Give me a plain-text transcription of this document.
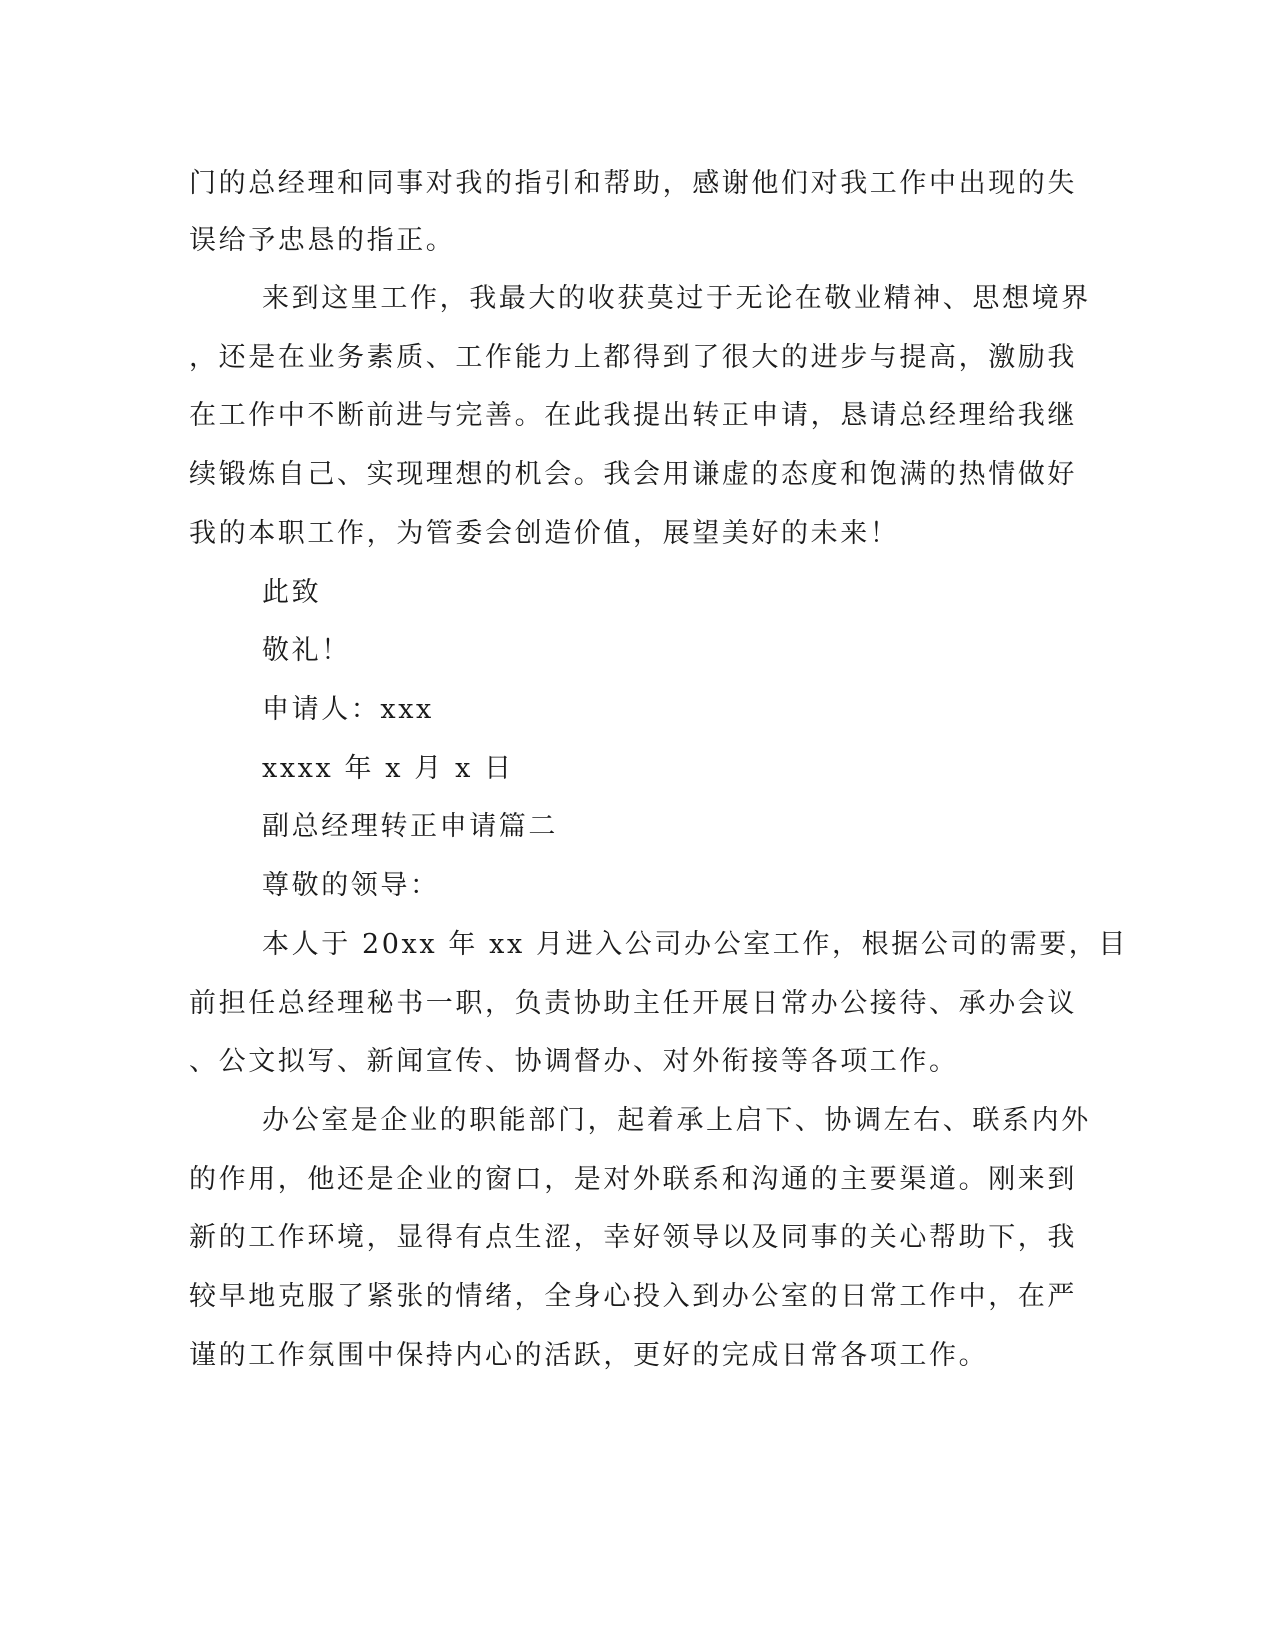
门的总经理和同事对我的指引和帮助，感谢他们对我工作中出现的失
误给予忠恳的指正。
来到这里工作，我最大的收获莫过于无论在敬业精神、思想境界
，还是在业务素质、工作能力上都得到了很大的进步与提高，激励我
在工作中不断前进与完善。在此我提出转正申请，恳请总经理给我继
续锻炼自己、实现理想的机会。我会用谦虚的态度和饱满的热情做好
我的本职工作，为管委会创造价值，展望美好的未来！
此致
敬礼！
申请人：xxx
xxxx 年 x 月 x 日
副总经理转正申请篇二
尊敬的领导：
本人于 20xx 年 xx 月进入公司办公室工作，根据公司的需要，目
前担任总经理秘书一职，负责协助主任开展日常办公接待、承办会议
、公文拟写、新闻宣传、协调督办、对外衔接等各项工作。
办公室是企业的职能部门，起着承上启下、协调左右、联系内外
的作用，他还是企业的窗口，是对外联系和沟通的主要渠道。刚来到
新的工作环境，显得有点生涩，幸好领导以及同事的关心帮助下，我
较早地克服了紧张的情绪，全身心投入到办公室的日常工作中，在严
谨的工作氛围中保持内心的活跃，更好的完成日常各项工作。
